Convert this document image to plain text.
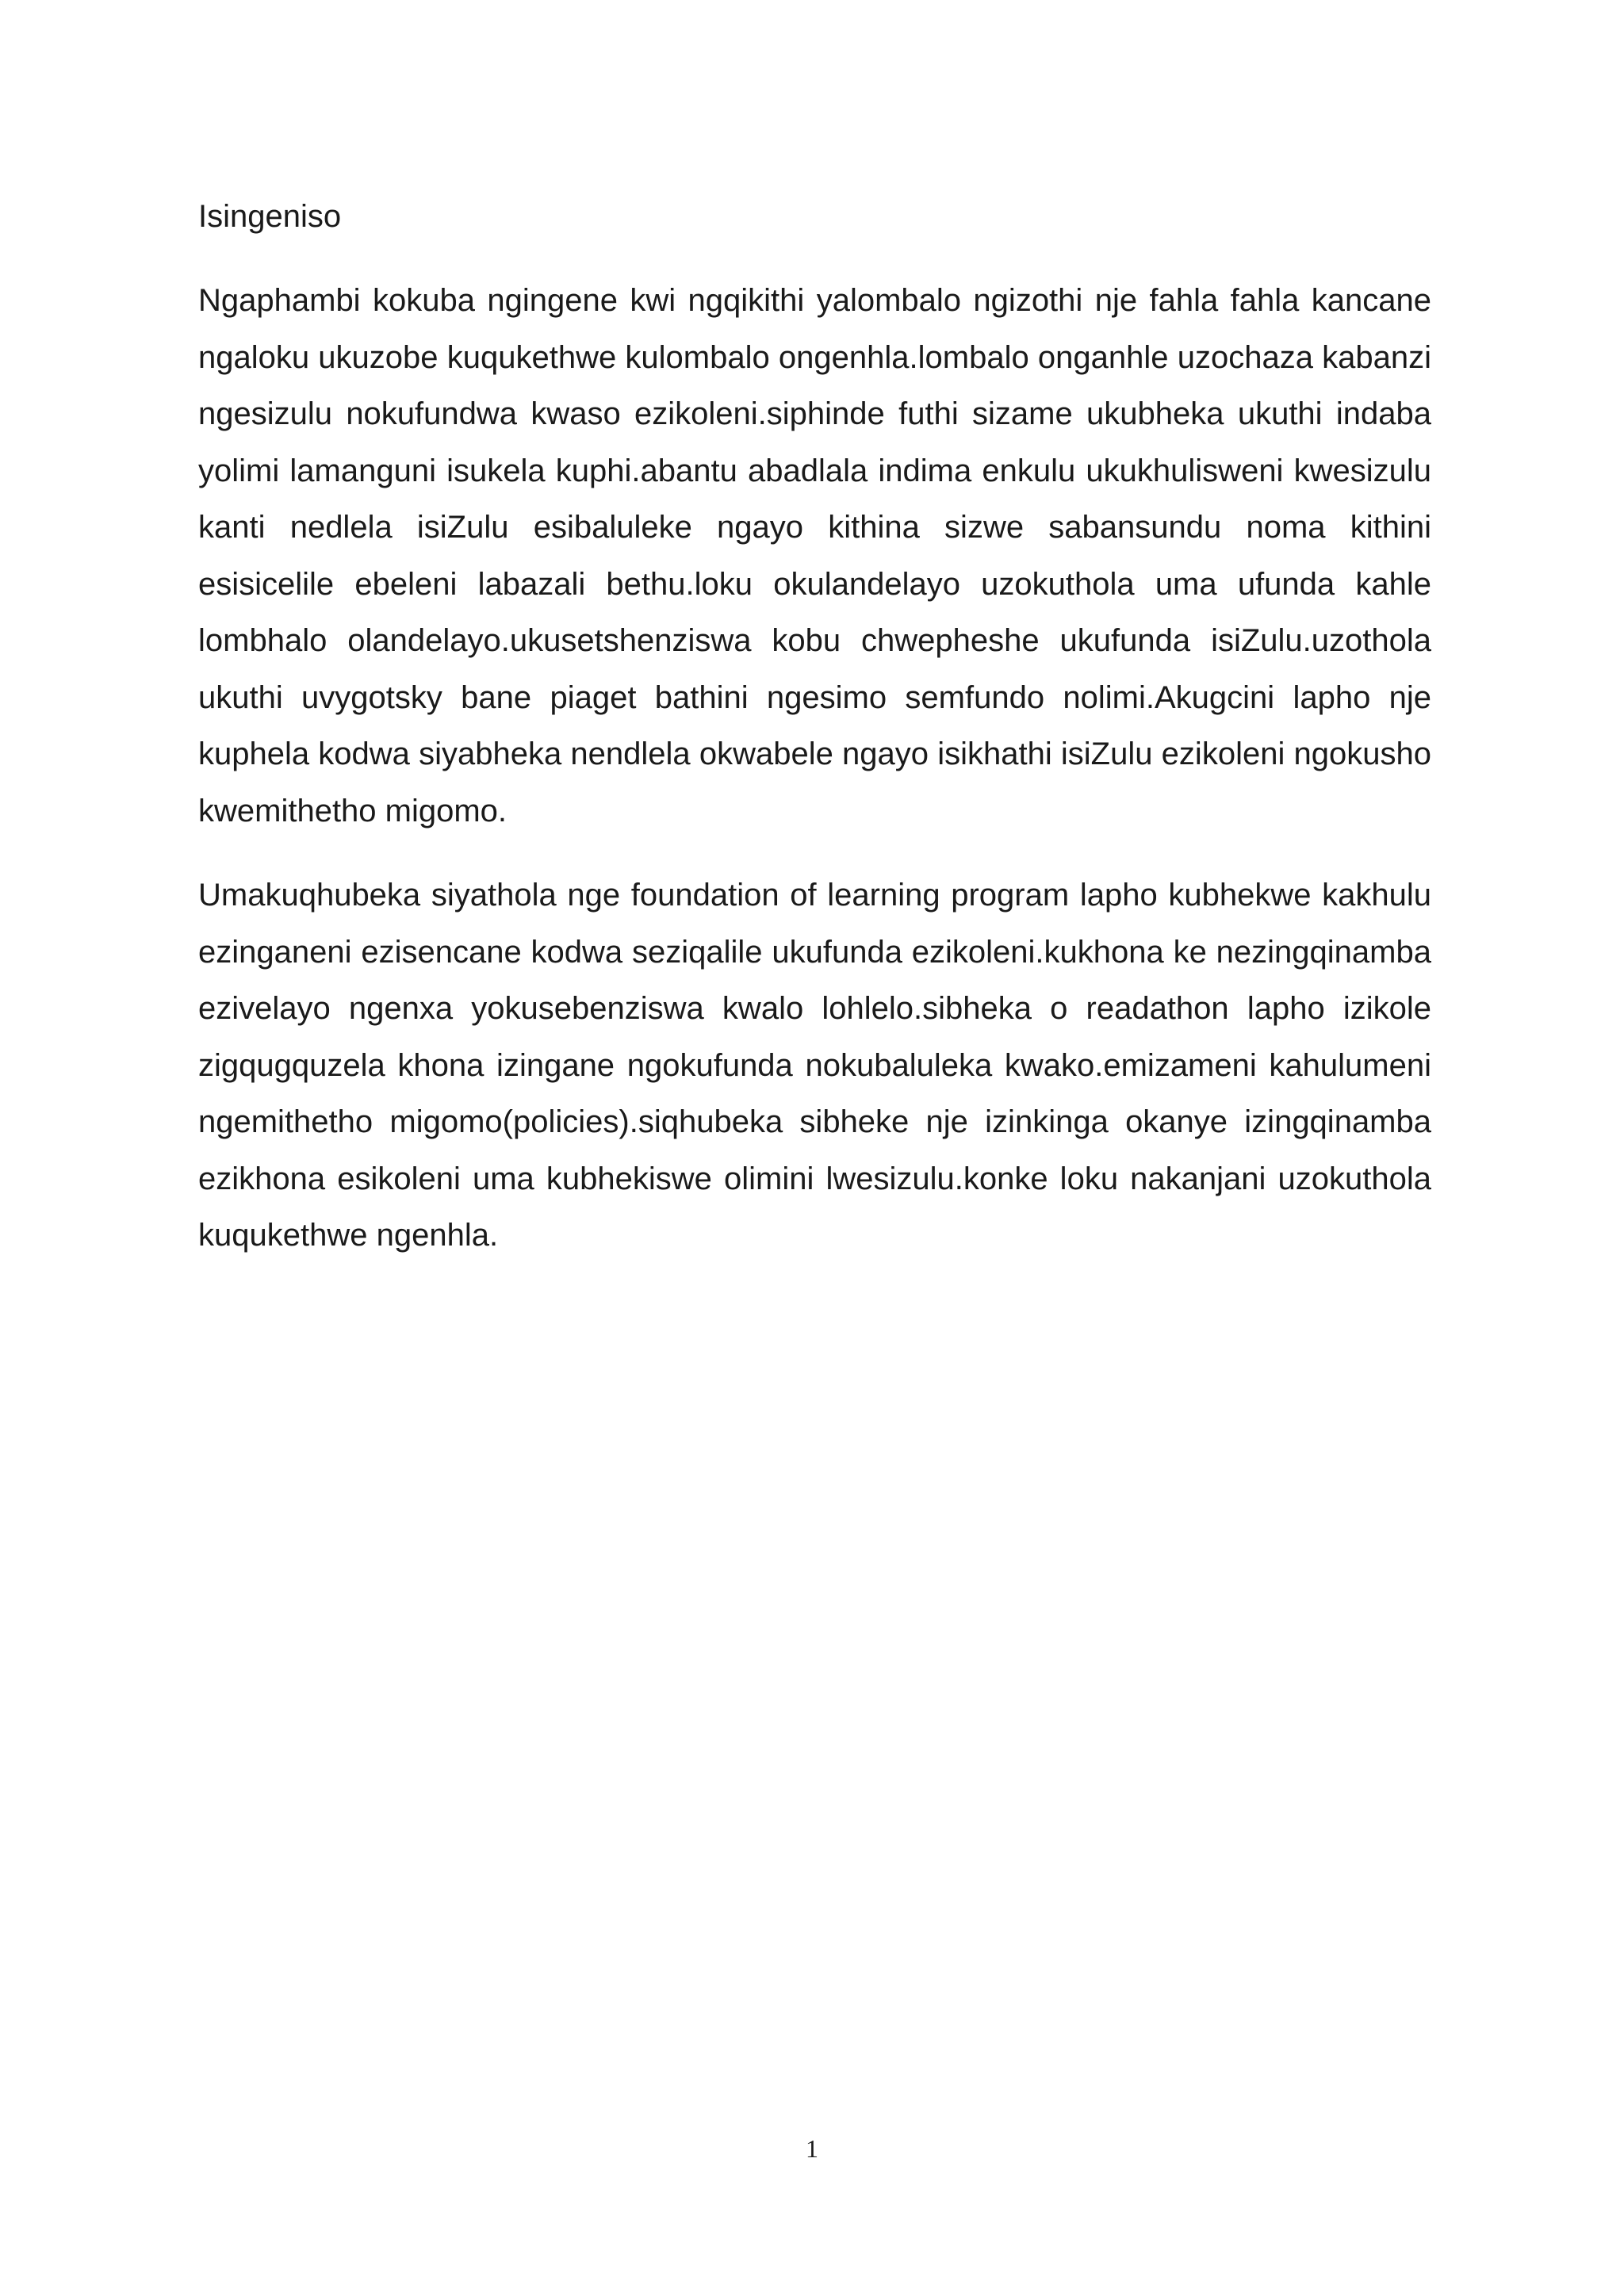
Isingeniso

Ngaphambi kokuba ngingene kwi ngqikithi yalombalo ngizothi nje fahla fahla kancane ngaloku ukuzobe kuqukethwe kulombalo ongenhla.lombalo onganhle uzochaza kabanzi ngesizulu nokufundwa kwaso ezikoleni.siphinde futhi sizame ukubheka ukuthi indaba yolimi lamanguni isukela kuphi.abantu abadlala indima enkulu ukukhulisweni kwesizulu kanti nedlela isiZulu esibaluleke ngayo kithina sizwe sabansundu noma kithini esisicelile ebeleni labazali bethu.loku okulandelayo uzokuthola uma ufunda kahle lombhalo olandelayo.ukusetshenziswa kobu chwepheshe ukufunda isiZulu.uzothola ukuthi uvygotsky bane piaget bathini ngesimo semfundo nolimi.Akugcini lapho nje kuphela kodwa siyabheka nendlela okwabele ngayo isikhathi isiZulu ezikoleni ngokusho kwemithetho migomo.

Umakuqhubeka siyathola nge foundation of learning program lapho kubhekwe kakhulu ezinganeni ezisencane kodwa seziqalile ukufunda ezikoleni.kukhona ke nezingqinamba ezivelayo ngenxa yokusebenziswa kwalo lohlelo.sibheka o readathon lapho izikole zigqugquzela khona izingane ngokufunda nokubaluleka kwako.emizameni kahulumeni ngemithetho migomo(policies).siqhubeka sibheke nje izinkinga okanye izingqinamba ezikhona esikoleni uma kubhekiswe olimini lwesizulu.konke loku nakanjani uzokuthola kuqukethwe ngenhla.

1
